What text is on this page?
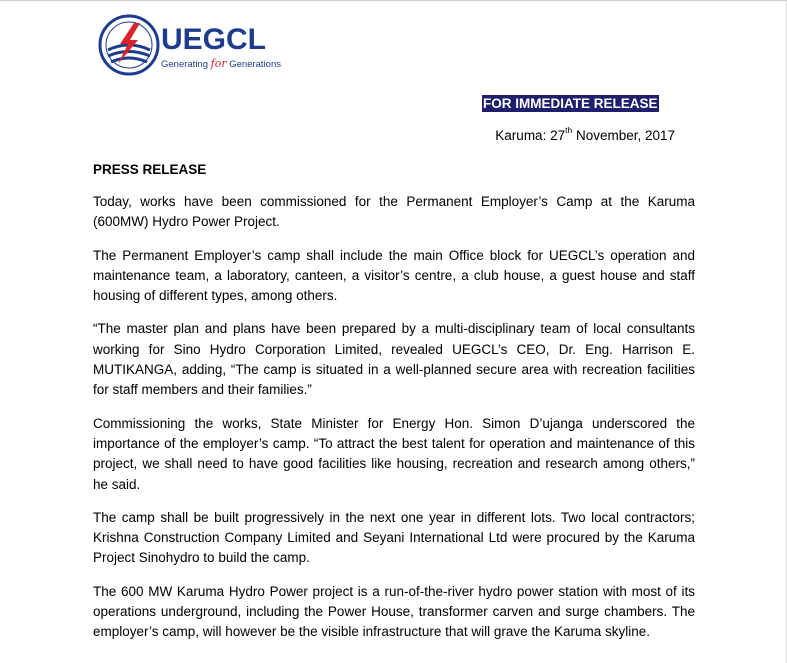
UEGCL
Generating for Generations
FOR IMMEDIATE RELEASE
Karuma: 27th November, 2017
PRESS RELEASE

Today, works have been commissioned for the Permanent Employer’s Camp at the Karuma (600MW) Hydro Power Project.

The Permanent Employer’s camp shall include the main Office block for UEGCL’s operation and maintenance team, a laboratory, canteen, a visitor’s centre, a club house, a guest house and staff housing of different types, among others.

“The master plan and plans have been prepared by a multi-disciplinary team of local consultants working for Sino Hydro Corporation Limited, revealed UEGCL’s CEO, Dr. Eng. Harrison E. MUTIKANGA, adding, “The camp is situated in a well-planned secure area with recreation facilities for staff members and their families.”

Commissioning the works, State Minister for Energy Hon. Simon D’ujanga underscored the importance of the employer’s camp. “To attract the best talent for operation and maintenance of this project, we shall need to have good facilities like housing, recreation and research among others,” he said.

The camp shall be built progressively in the next one year in different lots. Two local contractors; Krishna Construction Company Limited and Seyani International Ltd were procured by the Karuma Project Sinohydro to build the camp.

The 600 MW Karuma Hydro Power project is a run-of-the-river hydro power station with most of its operations underground, including the Power House, transformer carven and surge chambers. The employer’s camp, will however be the visible infrastructure that will grave the Karuma skyline.
